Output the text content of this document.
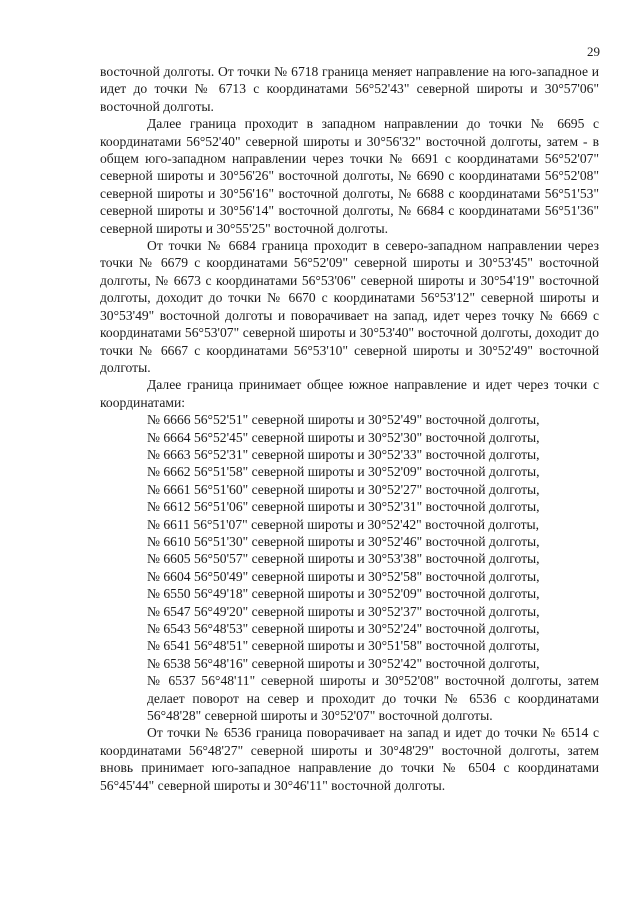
29

восточной долготы. От точки № 6718 граница меняет направление на юго-западное и идет до точки № 6713 с координатами 56°52'43" северной широты и 30°57'06" восточной долготы.

Далее граница проходит в западном направлении до точки № 6695 с координатами 56°52'40" северной широты и 30°56'32" восточной долготы, затем - в общем юго-западном направлении через точки № 6691 с координатами 56°52'07" северной широты и 30°56'26" восточной долготы, № 6690 с координатами 56°52'08" северной широты и 30°56'16" восточной долготы, № 6688 с координатами 56°51'53" северной широты и 30°56'14" восточной долготы, № 6684 с координатами 56°51'36" северной широты и 30°55'25" восточной долготы.

От точки № 6684 граница проходит в северо-западном направлении через точки № 6679 с координатами 56°52'09" северной широты и 30°53'45" восточной долготы, № 6673 с координатами 56°53'06" северной широты и 30°54'19" восточной долготы, доходит до точки № 6670 с координатами 56°53'12" северной широты и 30°53'49" восточной долготы и поворачивает на запад, идет через точку № 6669 с координатами 56°53'07" северной широты и 30°53'40" восточной долготы, доходит до точки № 6667 с координатами 56°53'10" северной широты и 30°52'49" восточной долготы.

Далее граница принимает общее южное направление и идет через точки с координатами:

№ 6666 56°52'51" северной широты и 30°52'49" восточной долготы,
№ 6664 56°52'45" северной широты и 30°52'30" восточной долготы,
№ 6663 56°52'31" северной широты и 30°52'33" восточной долготы,
№ 6662 56°51'58" северной широты и 30°52'09" восточной долготы,
№ 6661 56°51'60" северной широты и 30°52'27" восточной долготы,
№ 6612 56°51'06" северной широты и 30°52'31" восточной долготы,
№ 6611 56°51'07" северной широты и 30°52'42" восточной долготы,
№ 6610 56°51'30" северной широты и 30°52'46" восточной долготы,
№ 6605 56°50'57" северной широты и 30°53'38" восточной долготы,
№ 6604 56°50'49" северной широты и 30°52'58" восточной долготы,
№ 6550 56°49'18" северной широты и 30°52'09" восточной долготы,
№ 6547 56°49'20" северной широты и 30°52'37" восточной долготы,
№ 6543 56°48'53" северной широты и 30°52'24" восточной долготы,
№ 6541 56°48'51" северной широты и 30°51'58" восточной долготы,
№ 6538 56°48'16" северной широты и 30°52'42" восточной долготы,
№ 6537 56°48'11" северной широты и 30°52'08" восточной долготы, затем делает поворот на север и проходит до точки № 6536 с координатами 56°48'28" северной широты и 30°52'07" восточной долготы.

От точки № 6536 граница поворачивает на запад и идет до точки № 6514 с координатами 56°48'27" северной широты и 30°48'29" восточной долготы, затем вновь принимает юго-западное направление до точки № 6504 с координатами 56°45'44" северной широты и 30°46'11" восточной долготы.
